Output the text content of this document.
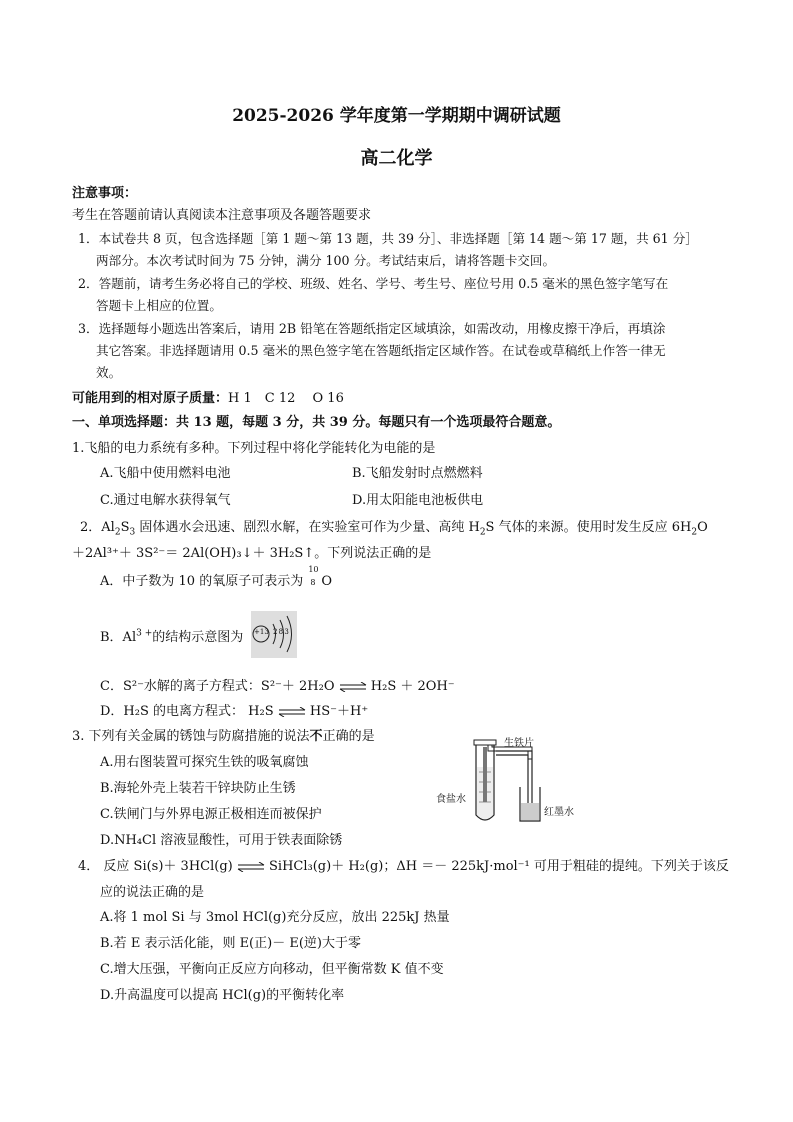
2025-2026 学年度第一学期期中调研试题
高二化学
注意事项：
考生在答题前请认真阅读本注意事项及各题答题要求
1．本试卷共 8 页，包含选择题［第 1 题～第 13 题，共 39 分］、非选择题［第 14 题～第 17 题，共 61 分］
两部分。本次考试时间为 75 分钟，满分 100 分。考试结束后，请将答题卡交回。
2．答题前，请考生务必将自己的学校、班级、姓名、学号、考生号、座位号用 0.5 毫米的黑色签字笔写在
答题卡上相应的位置。
3．选择题每小题选出答案后，请用 2B 铅笔在答题纸指定区域填涂，如需改动，用橡皮擦干净后，再填涂
其它答案。非选择题请用 0.5 毫米的黑色签字笔在答题纸指定区域作答。在试卷或草稿纸上作答一律无
效。
可能用到的相对原子质量：H 1　C 12　 O 16
一、单项选择题：共 13 题，每题 3 分，共 39 分。每题只有一个选项最符合题意。
1.飞船的电力系统有多种。下列过程中将化学能转化为电能的是
A.飞船中使用燃料电池	B.飞船发射时点燃燃料
C.通过电解水获得氧气	D.用太阳能电池板供电
2．$Al_2S_3$ 固体遇水会迅速、剧烈水解，在实验室可作为少量、高纯 $H_2S$ 气体的来源。使用时发生反应 $6H_2O$
＋2Al³⁺＋ 3S²⁻＝ 2Al(OH)₃↓＋ 3H₂S↑。下列说法正确的是
A．中子数为 10 的氧原子可表示为
10
8 O
B．$Al^{3 +}$的结构示意图为 +13 2 8 3
C．S²⁻水解的离子方程式：S²⁻＋ 2H₂O ⇌ H₂S ＋ 2OH⁻
D．H₂S 的电离方程式： H₂S ⇌ HS⁻＋H⁺
3. 下列有关金属的锈蚀与防腐措施的说法不正确的是
A.用右图装置可探究生铁的吸氧腐蚀
B.海轮外壳上装若干锌块防止生锈
C.铁闸门与外界电源正极相连而被保护
D.NH₄Cl 溶液显酸性，可用于铁表面除锈
生铁片
食盐水
红墨水
4． 反应 Si(s)＋ 3HCl(g) ⇌ SiHCl₃(g)＋ H₂(g)；ΔH ＝－ 225kJ·mol⁻¹ 可用于粗硅的提纯。下列关于该反
应的说法正确的是
A.将 1 mol Si 与 3mol HCl(g)充分反应，放出 225kJ 热量
B.若 E 表示活化能，则 E(正)－ E(逆)大于零
C.增大压强，平衡向正反应方向移动，但平衡常数 K 值不变
D.升高温度可以提高 HCl(g)的平衡转化率
